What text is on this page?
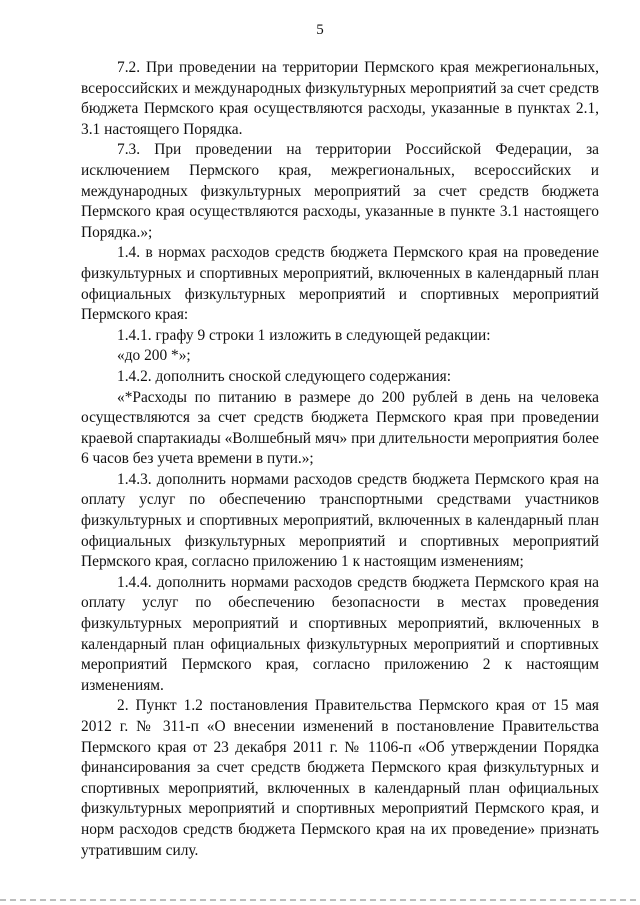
5

7.2. При проведении на территории Пермского края межрегиональных, всероссийских и международных физкультурных мероприятий за счет средств бюджета Пермского края осуществляются расходы, указанные в пунктах 2.1, 3.1 настоящего Порядка.

7.3. При проведении на территории Российской Федерации, за исключением Пермского края, межрегиональных, всероссийских и международных физкультурных мероприятий за счет средств бюджета Пермского края осуществляются расходы, указанные в пункте 3.1 настоящего Порядка.»;

1.4. в нормах расходов средств бюджета Пермского края на проведение физкультурных и спортивных мероприятий, включенных в календарный план официальных физкультурных мероприятий и спортивных мероприятий Пермского края:

1.4.1. графу 9 строки 1 изложить в следующей редакции:

«до 200 *»;

1.4.2. дополнить сноской следующего содержания:

«*Расходы по питанию в размере до 200 рублей в день на человека осуществляются за счет средств бюджета Пермского края при проведении краевой спартакиады «Волшебный мяч» при длительности мероприятия более 6 часов без учета времени в пути.»;

1.4.3. дополнить нормами расходов средств бюджета Пермского края на оплату услуг по обеспечению транспортными средствами участников физкультурных и спортивных мероприятий, включенных в календарный план официальных физкультурных мероприятий и спортивных мероприятий Пермского края, согласно приложению 1 к настоящим изменениям;

1.4.4. дополнить нормами расходов средств бюджета Пермского края на оплату услуг по обеспечению безопасности в местах проведения физкультурных мероприятий и спортивных мероприятий, включенных в календарный план официальных физкультурных мероприятий и спортивных мероприятий Пермского края, согласно приложению 2 к настоящим изменениям.

2. Пункт 1.2 постановления Правительства Пермского края от 15 мая 2012 г. № 311-п «О внесении изменений в постановление Правительства Пермского края от 23 декабря 2011 г. № 1106-п «Об утверждении Порядка финансирования за счет средств бюджета Пермского края физкультурных и спортивных мероприятий, включенных в календарный план официальных физкультурных мероприятий и спортивных мероприятий Пермского края, и норм расходов средств бюджета Пермского края на их проведение» признать утратившим силу.
